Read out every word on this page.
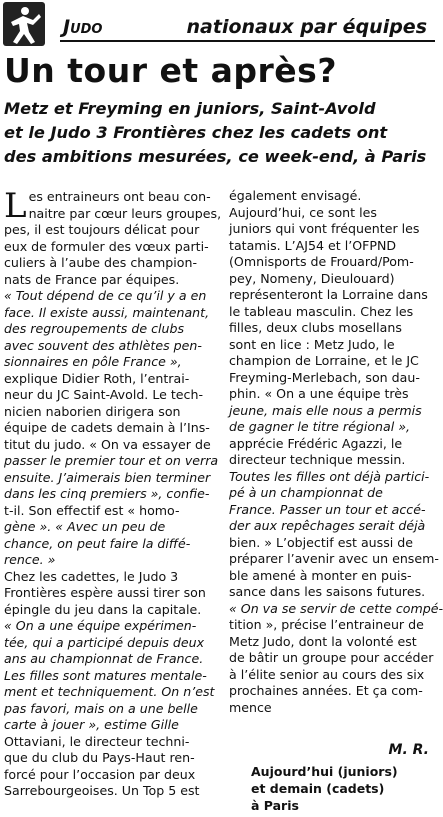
Judo	nationaux par équipes
Un tour et après?
Metz et Freyming en juniors, Saint-Avold
et le Judo 3 Frontières chez les cadets ont
des ambitions mesurées, ce week-end, à Paris
L es entraineurs ont beau con-
naitre par cœur leurs groupes,
pes, il est toujours délicat pour
eux de formuler des vœux parti-
culiers à l’aube des champion-
nats de France par équipes.
« Tout dépend de ce qu’il y a en
face. Il existe aussi, maintenant,
des regroupements de clubs
avec souvent des athlètes pen-
sionnaires en pôle France »,
explique Didier Roth, l’entrai-
neur du JC Saint-Avold. Le tech-
nicien naborien dirigera son
équipe de cadets demain à l’Ins-
titut du judo. « On va essayer de
passer le premier tour et on verra
ensuite. J’aimerais bien terminer
dans les cinq premiers », confie-
t-il. Son effectif est « homo-
gène ». « Avec un peu de
chance, on peut faire la diffé-
rence. »
Chez les cadettes, le Judo 3
Frontières espère aussi tirer son
épingle du jeu dans la capitale.
« On a une équipe expérimen-
tée, qui a participé depuis deux
ans au championnat de France.
Les filles sont matures mentale-
ment et techniquement. On n’est
pas favori, mais on a une belle
carte à jouer », estime Gille
Ottaviani, le directeur techni-
que du club du Pays-Haut ren-
forcé pour l’occasion par deux
Sarrebourgeoises. Un Top 5 est
également envisagé.
Aujourd’hui, ce sont les
juniors qui vont fréquenter les
tatamis. L’AJ54 et l’OFPND
(Omnisports de Frouard/Pom-
pey, Nomeny, Dieulouard)
représenteront la Lorraine dans
le tableau masculin. Chez les
filles, deux clubs mosellans
sont en lice : Metz Judo, le
champion de Lorraine, et le JC
Freyming-Merlebach, son dau-
phin. « On a une équipe très
jeune, mais elle nous a permis
de gagner le titre régional »,
apprécie Frédéric Agazzi, le
directeur technique messin.
Toutes les filles ont déjà partici-
pé à un championnat de
France. Passer un tour et accé-
der aux repêchages serait déjà
bien. » L’objectif est aussi de
préparer l’avenir avec un ensem-
ble amené à monter en puis-
sance dans les saisons futures.
« On va se servir de cette compé-
tition », précise l’entraineur de
Metz Judo, dont la volonté est
de bâtir un groupe pour accéder
à l’élite senior au cours des six
prochaines années. Et ça com-
mence

M. R.

Aujourd’hui (juniors)
et demain (cadets)
à Paris
